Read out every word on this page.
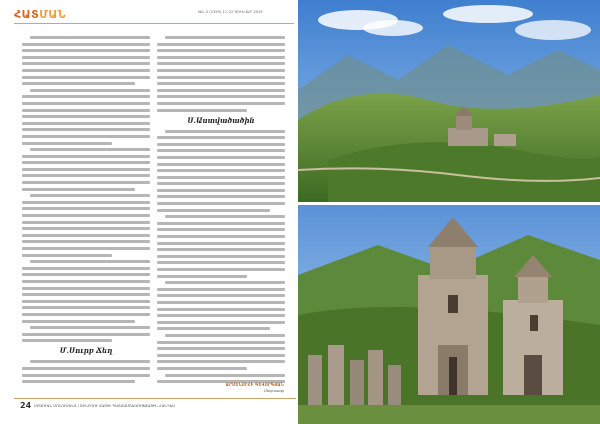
ՀԱՏՄԱՆ	№1–2 (2359) 17–22 ՅՈՒՆՎԱՐ 2019
Մ.Սուրբ Ճեղ
Ս.Աստվածածին
ԱՐՄԵՆՈՒՀԻ ԳԵՎՈՐԳՅԱՆ
Մնոյտագր
24 ՄՈԳՈՒԱՆ ՄՈՆՈՒՄԵՆՏ / ՇԻՆՈՂՈՒ ՀԱՏՈՒ ՊԱՏՄԱՄՇԱԿՈՒՅԹԱՅԻՆ ՀԱՆԴԵՍ
